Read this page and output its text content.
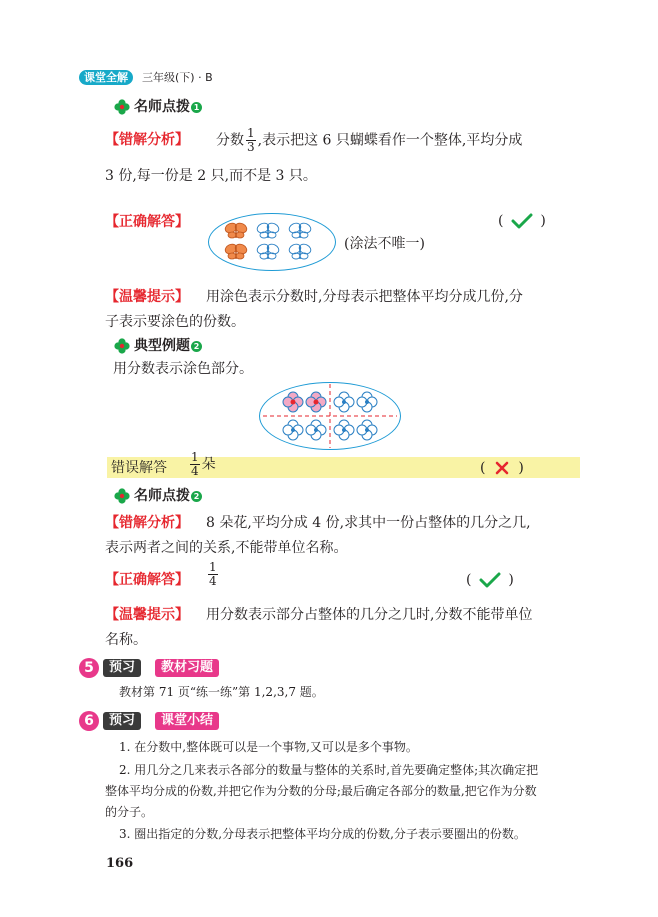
课堂全解	三年级(下) · B
名师点拨 1
【错解分析】 分数 $\frac{1}{3}$ ,表示把这 6 只蝴蝶看作一个整体,平均分成
3 份,每一份是 2 只,而不是 3 只。
【正确解答】
(涂法不唯一)
(	)
【温馨提示】 用涂色表示分数时,分母表示把整体平均分成几份,分
子表示要涂色的份数。
典型例题 2
用分数表示涂色部分。
错误解答 $\frac{1}{4}$ 朵	( )
名师点拨 2
【错解分析】 8 朵花,平均分成 4 份,求其中一份占整体的几分之几,
表示两者之间的关系,不能带单位名称。
【正确解答】 $\frac{1}{4}$	(	)
【温馨提示】 用分数表示部分占整体的几分之几时,分数不能带单位
名称。
5	预习	教材习题
教材第 71 页“练一练”第 1,2,3,7 题。
6	预习	课堂小结
1. 在分数中,整体既可以是一个事物,又可以是多个事物。
2. 用几分之几来表示各部分的数量与整体的关系时,首先要确定整体;其次确定把
整体平均分成的份数,并把它作为分数的分母;最后确定各部分的数量,把它作为分数
的分子。
3. 圈出指定的分数,分母表示把整体平均分成的份数,分子表示要圈出的份数。
166
